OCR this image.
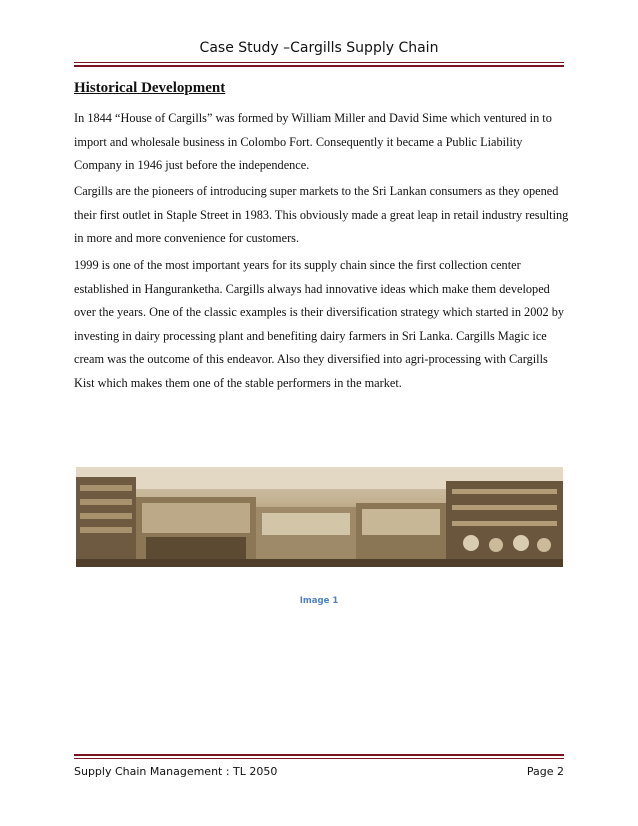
Case Study –Cargills Supply Chain
Historical Development

In 1844 “House of Cargills” was formed by William Miller and David Sime which ventured in to import and wholesale business in Colombo Fort. Consequently it became a Public Liability Company in 1946 just before the independence.

Cargills are the pioneers of introducing super markets to the Sri Lankan consumers as they opened their first outlet in Staple Street in 1983. This obviously made a great leap in retail industry resulting in more and more convenience for customers.

1999 is one of the most important years for its supply chain since the first collection center established in Hanguranketha. Cargills always had innovative ideas which make them developed over the years. One of the classic examples is their diversification strategy which started in 2002 by investing in dairy processing plant and benefiting dairy farmers in Sri Lanka. Cargills Magic ice cream was the outcome of this endeavor. Also they diversified into agri-processing with Cargills Kist which makes them one of the stable performers in the market.

Image 1
Supply Chain Management : TL 2050	Page 2
